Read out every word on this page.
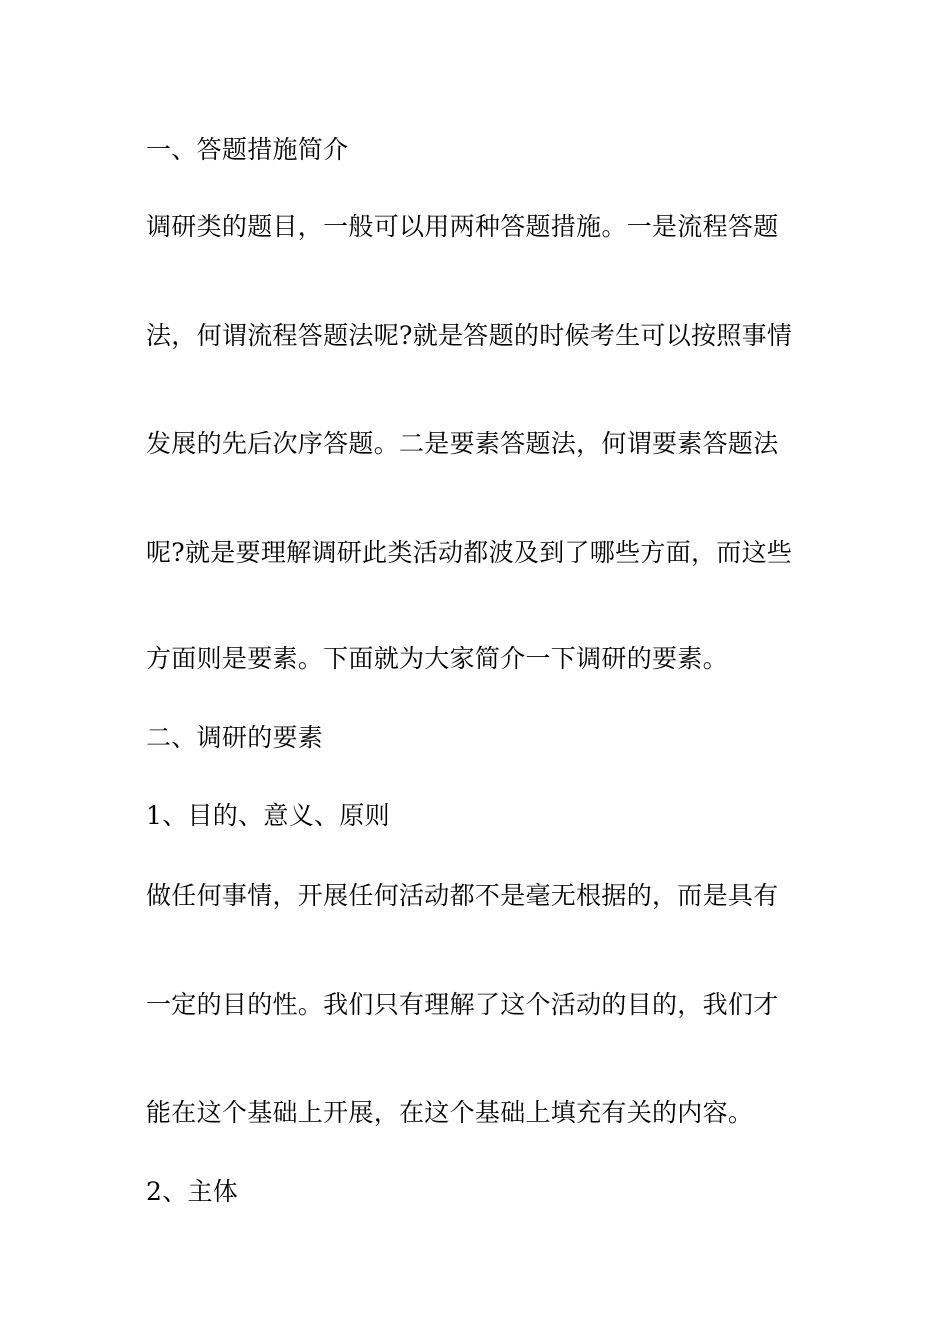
一、答题措施简介
调研类的题目，一般可以用两种答题措施。一是流程答题
法，何谓流程答题法呢?就是答题的时候考生可以按照事情
发展的先后次序答题。二是要素答题法，何谓要素答题法
呢?就是要理解调研此类活动都波及到了哪些方面，而这些
方面则是要素。下面就为大家简介一下调研的要素。
二、调研的要素
1、目的、意义、原则
做任何事情，开展任何活动都不是毫无根据的，而是具有
一定的目的性。我们只有理解了这个活动的目的，我们才
能在这个基础上开展，在这个基础上填充有关的内容。
2、主体
